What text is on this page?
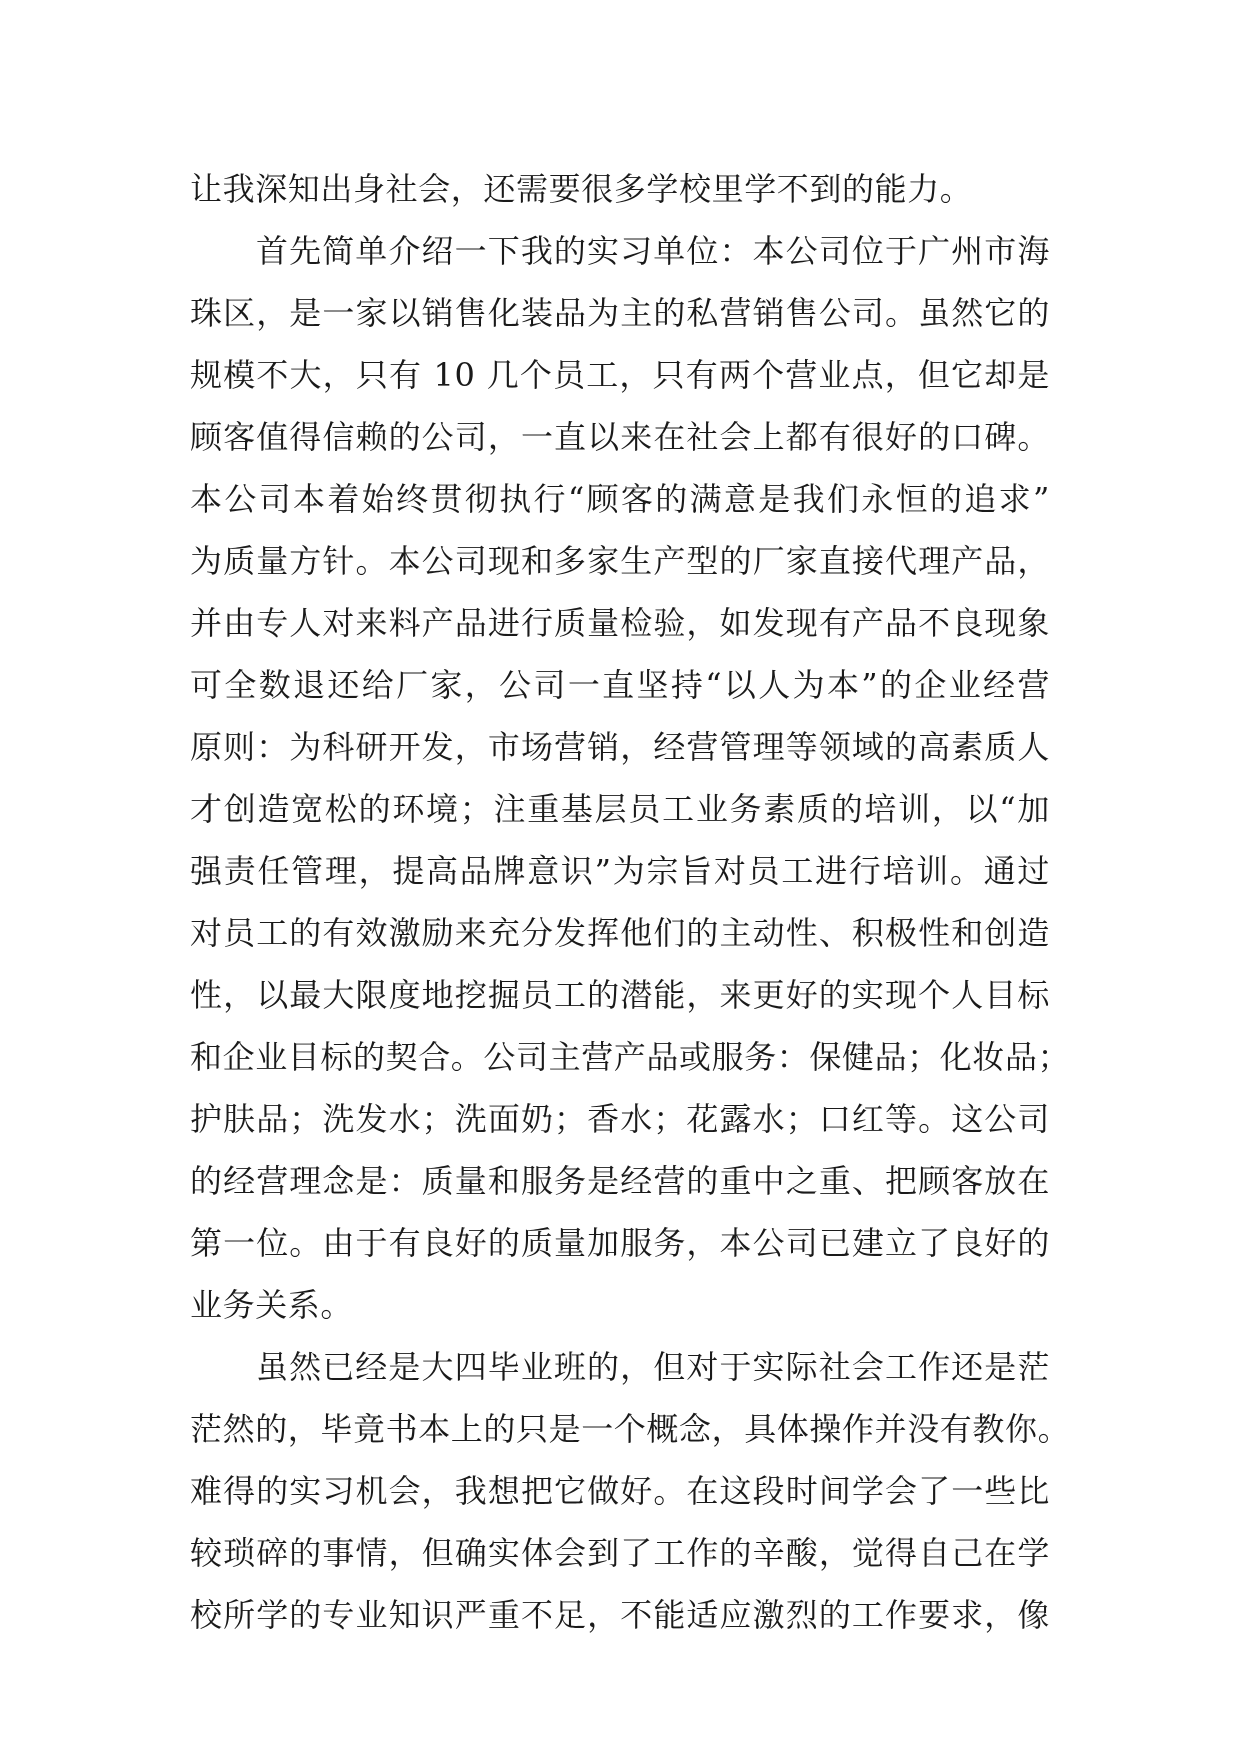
让我深知出身社会，还需要很多学校里学不到的能力。
首先简单介绍一下我的实习单位：本公司位于广州市海
珠区，是一家以销售化装品为主的私营销售公司。虽然它的
规模不大，只有 10 几个员工，只有两个营业点，但它却是
顾客值得信赖的公司，一直以来在社会上都有很好的口碑。
本公司本着始终贯彻执行“顾客的满意是我们永恒的追求”
为质量方针。本公司现和多家生产型的厂家直接代理产品，
并由专人对来料产品进行质量检验，如发现有产品不良现象
可全数退还给厂家，公司一直坚持“以人为本”的企业经营
原则：为科研开发，市场营销，经营管理等领域的高素质人
才创造宽松的环境；注重基层员工业务素质的培训，以“加
强责任管理，提高品牌意识”为宗旨对员工进行培训。通过
对员工的有效激励来充分发挥他们的主动性、积极性和创造
性，以最大限度地挖掘员工的潜能，来更好的实现个人目标
和企业目标的契合。公司主营产品或服务：保健品；化妆品；
护肤品；洗发水；洗面奶；香水；花露水；口红等。这公司
的经营理念是：质量和服务是经营的重中之重、把顾客放在
第一位。由于有良好的质量加服务，本公司已建立了良好的
业务关系。
虽然已经是大四毕业班的，但对于实际社会工作还是茫
茫然的，毕竟书本上的只是一个概念，具体操作并没有教你。
难得的实习机会，我想把它做好。在这段时间学会了一些比
较琐碎的事情，但确实体会到了工作的辛酸，觉得自己在学
校所学的专业知识严重不足，不能适应激烈的工作要求，像
